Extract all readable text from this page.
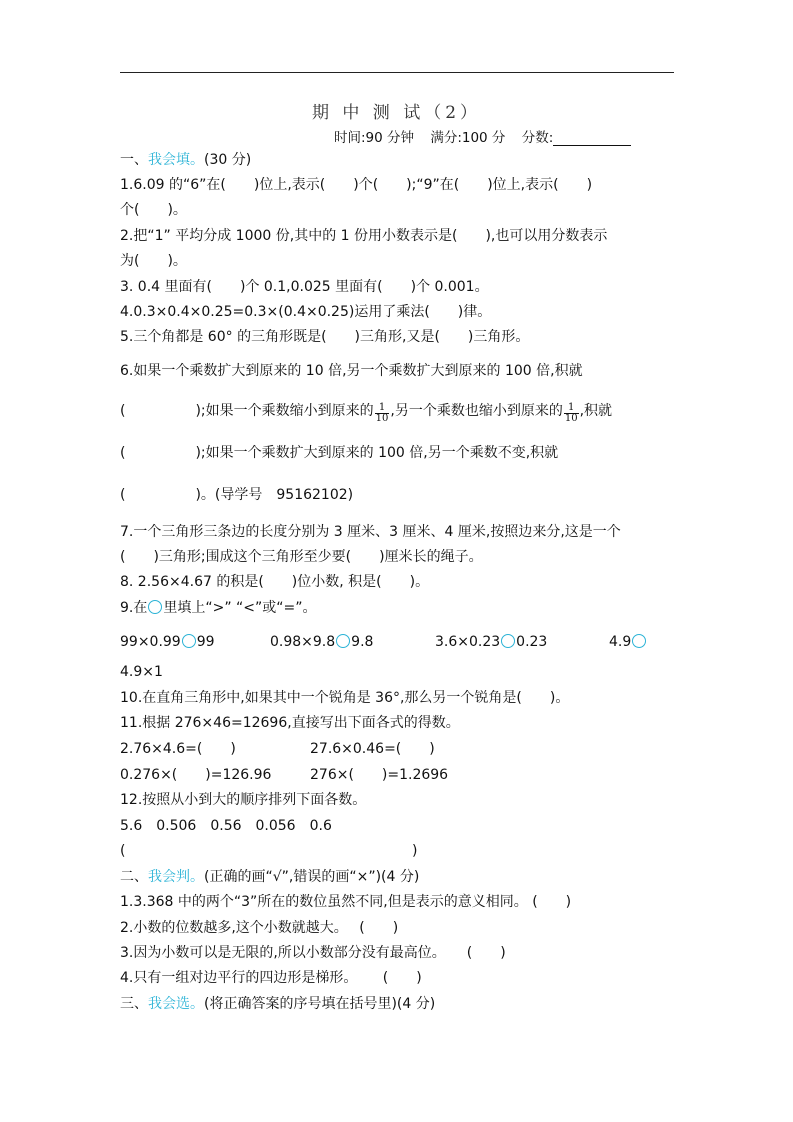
期 中 测 试（2）
时间:90 分钟 满分:100 分 分数:
一、我会填。(30 分)
1.6.09 的“6”在(　　)位上,表示(　　)个(　　);“9”在(　　)位上,表示(　　)
个(　　)。
2.把“1” 平均分成 1000 份,其中的 1 份用小数表示是(　　),也可以用分数表示
为(　　)。
3. 0.4 里面有(　　)个 0.1,0.025 里面有(　　)个 0.001。
4.0.3×0.4×0.25=0.3×(0.4×0.25)运用了乘法(　　)律。
5.三个角都是 60° 的三角形既是(　　)三角形,又是(　　)三角形。
6.如果一个乘数扩大到原来的 10 倍,另一个乘数扩大到原来的 100 倍,积就
(　　　　　);如果一个乘数缩小到原来的 $\frac{1}{10}$ ,另一个乘数也缩小到原来的 $\frac{1}{10}$ ,积就
(　　　　　);如果一个乘数扩大到原来的 100 倍,另一个乘数不变,积就
(　　　　　)。(导学号　95162102)
7.一个三角形三条边的长度分别为 3 厘米、3 厘米、4 厘米,按照边来分,这是一个
(　　)三角形;围成这个三角形至少要(　　)厘米长的绳子。
8. 2.56×4.67 的积是(　　)位小数, 积是(　　)。
9.在 里填上“>” “<”或“=”。
99×0.99 99	0.98×9.8 9.8	3.6×0.23 0.23	4.9
4.9×1
10.在直角三角形中,如果其中一个锐角是 36°,那么另一个锐角是(　　)。
11.根据 276×46=12696,直接写出下面各式的得数。
2.76×4.6=(　　)	27.6×0.46=(　　)
0.276×(　　)=126.96	276×(　　)=1.2696
12.按照从小到大的顺序排列下面各数。
5.6　0.506　0.56　0.056　0.6
(	)
二、我会判。(正确的画“√”,错误的画“×”)(4 分)
1.3.368 中的两个“3”所在的数位虽然不同,但是表示的意义相同。 (　　)
2.小数的位数越多,这个小数就越大。　 (　　)
3.因为小数可以是无限的,所以小数部分没有最高位。　　(　　)
4.只有一组对边平行的四边形是梯形。　　 (　　)
三、我会选。(将正确答案的序号填在括号里)(4 分)
